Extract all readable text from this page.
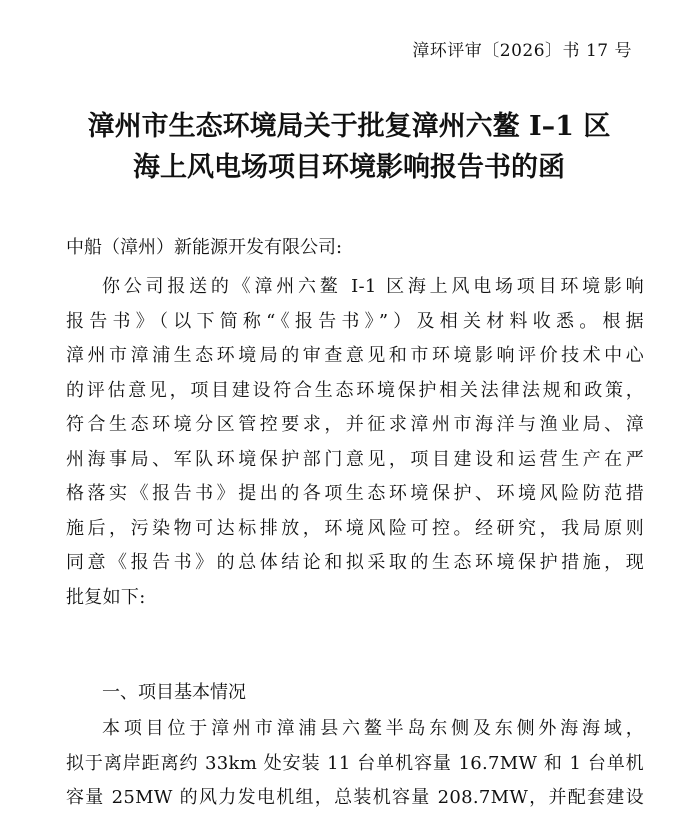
漳环评审〔2026〕书 17 号
漳州市生态环境局关于批复漳州六鳌 I–1 区
海上风电场项目环境影响报告书的函
中船（漳州）新能源开发有限公司:
你公司报送的《漳州六鳌 I-1 区海上风电场项目环境影响
报告书》（以下简称“《报告书》”）及相关材料收悉。根据
漳州市漳浦生态环境局的审查意见和市环境影响评价技术中心
的评估意见，项目建设符合生态环境保护相关法律法规和政策，
符合生态环境分区管控要求，并征求漳州市海洋与渔业局、漳
州海事局、军队环境保护部门意见，项目建设和运营生产在严
格落实《报告书》提出的各项生态环境保护、环境风险防范措
施后，污染物可达标排放，环境风险可控。经研究，我局原则
同意《报告书》的总体结论和拟采取的生态环境保护措施，现
批复如下:
一、项目基本情况
本项目位于漳州市漳浦县六鳌半岛东侧及东侧外海海域，
拟于离岸距离约 33km 处安装 11 台单机容量 16.7MW 和 1 台单机
容量 25MW 的风力发电机组，总装机容量 208.7MW，并配套建设
